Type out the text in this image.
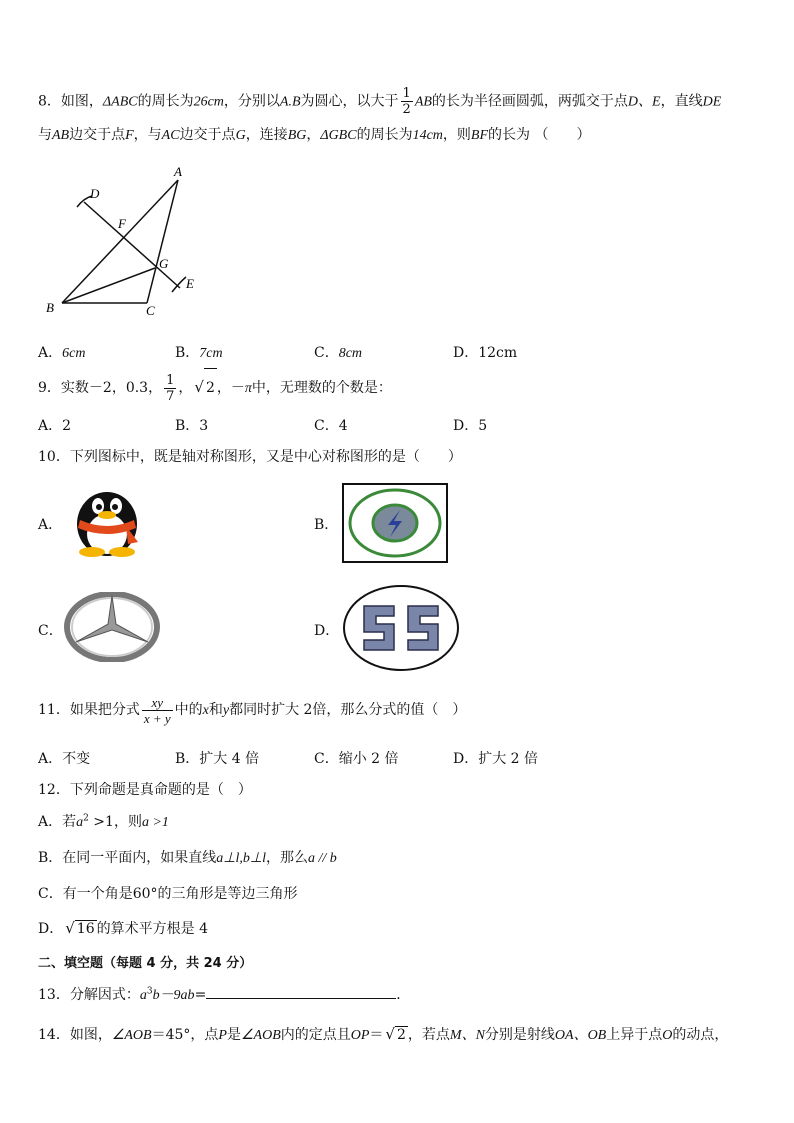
8．如图，ΔABC的周长为26cm，分别以A.B为圆心，以大于 $\frac{1}{2}$ AB的长为半径画圆弧，两弧交于点D、E，直线DE
与AB边交于点F，与AC边交于点G，连接BG，ΔGBC的周长为14cm，则BF的长为 （　　）
D
A
F
G
E
B	C
A．6cm	B．7cm	C．8cm	D．12cm
9．实数－2，0.3， $\frac{1}{7}$ ， √ 2 ，－π中，无理数的个数是：
A．2	B．3	C．4	D．5
10．下列图标中，既是轴对称图形，又是中心对称图形的是（　　）
A．	B．
C．	D．
11．如果把分式 $\frac{xy}{x + y}$ 中的x和y都同时扩大 2倍，那么分式的值（　）
A．不变	B．扩大 4 倍	C．缩小 2 倍	D．扩大 2 倍
12．下列命题是真命题的是（　）
A．若$a^2 >1$，则a >1
B．在同一平面内，如果直线a⊥l,b⊥l，那么a // b
C．有一个角是60°的三角形是等边三角形
D． √ 16 的算术平方根是 4
二、填空题（每题 4 分，共 24 分）
13．分解因式：$a^3b-9ab=$	．
14．如图，∠AOB＝45°，点P是∠AOB内的定点且OP＝ √ 2 ，若点M、N分别是射线OA、OB上异于点O的动点，
